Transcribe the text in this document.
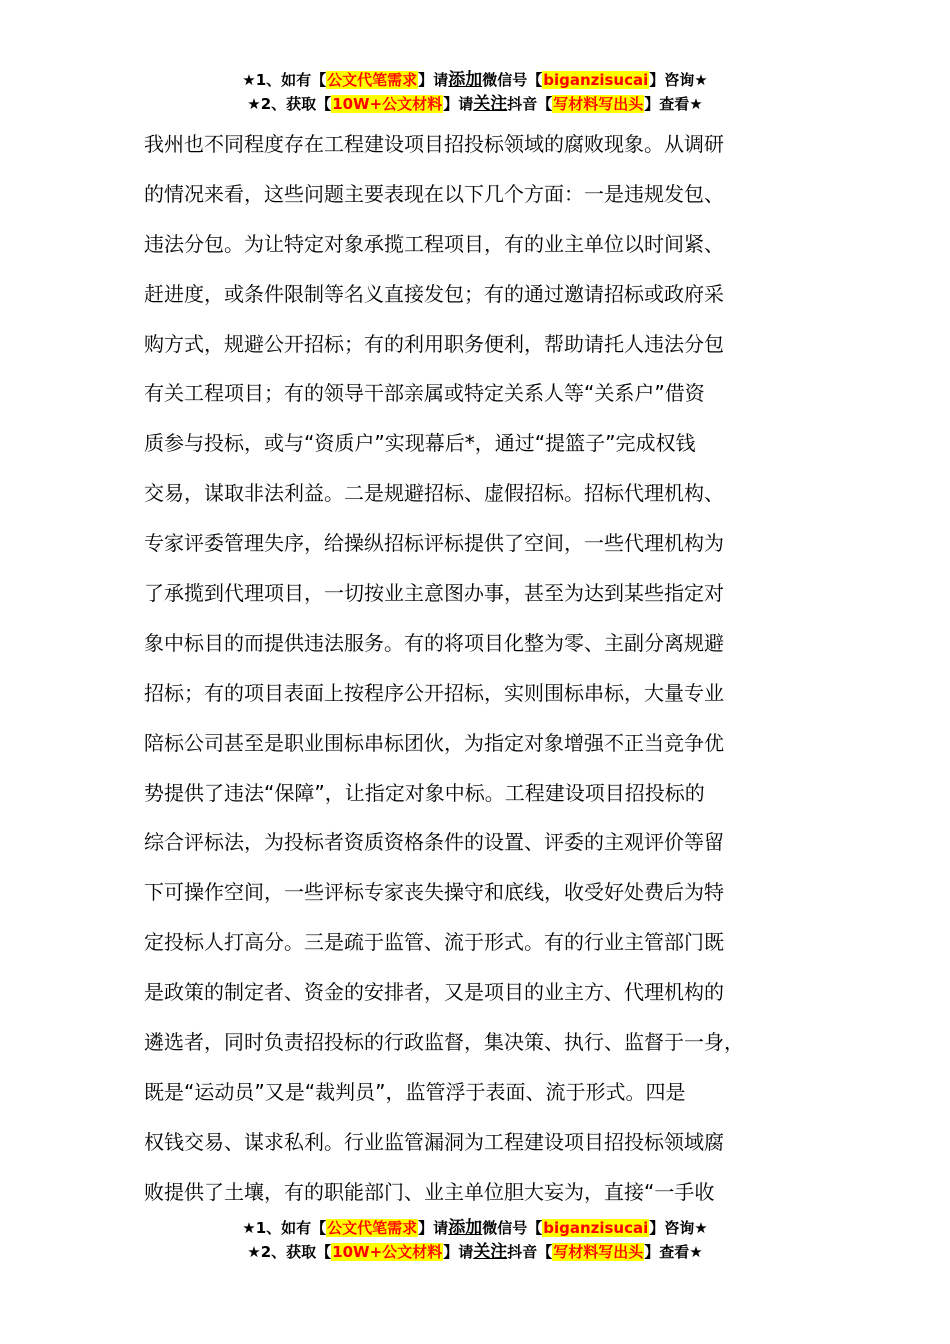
★1、如有【公文代笔需求】请添加微信号【biganzisucai】咨询★
★2、获取【10W+公文材料】请关注抖音【写材料写出头】查看★
我州也不同程度存在工程建设项目招投标领域的腐败现象。从调研
的情况来看，这些问题主要表现在以下几个方面：一是违规发包、
违法分包。为让特定对象承揽工程项目，有的业主单位以时间紧、
赶进度，或条件限制等名义直接发包；有的通过邀请招标或政府采
购方式，规避公开招标；有的利用职务便利，帮助请托人违法分包
有关工程项目；有的领导干部亲属或特定关系人等“关系户”借资
质参与投标，或与“资质户”实现幕后*，通过“提篮子”完成权钱
交易，谋取非法利益。二是规避招标、虚假招标。招标代理机构、
专家评委管理失序，给操纵招标评标提供了空间，一些代理机构为
了承揽到代理项目，一切按业主意图办事，甚至为达到某些指定对
象中标目的而提供违法服务。有的将项目化整为零、主副分离规避
招标；有的项目表面上按程序公开招标，实则围标串标，大量专业
陪标公司甚至是职业围标串标团伙，为指定对象增强不正当竞争优
势提供了违法“保障”，让指定对象中标。工程建设项目招投标的
综合评标法，为投标者资质资格条件的设置、评委的主观评价等留
下可操作空间，一些评标专家丧失操守和底线，收受好处费后为特
定投标人打高分。三是疏于监管、流于形式。有的行业主管部门既
是政策的制定者、资金的安排者，又是项目的业主方、代理机构的
遴选者，同时负责招投标的行政监督，集决策、执行、监督于一身，
既是“运动员”又是“裁判员”，监管浮于表面、流于形式。四是
权钱交易、谋求私利。行业监管漏洞为工程建设项目招投标领域腐
败提供了土壤，有的职能部门、业主单位胆大妄为，直接“一手收
★1、如有【公文代笔需求】请添加微信号【biganzisucai】咨询★
★2、获取【10W+公文材料】请关注抖音【写材料写出头】查看★
